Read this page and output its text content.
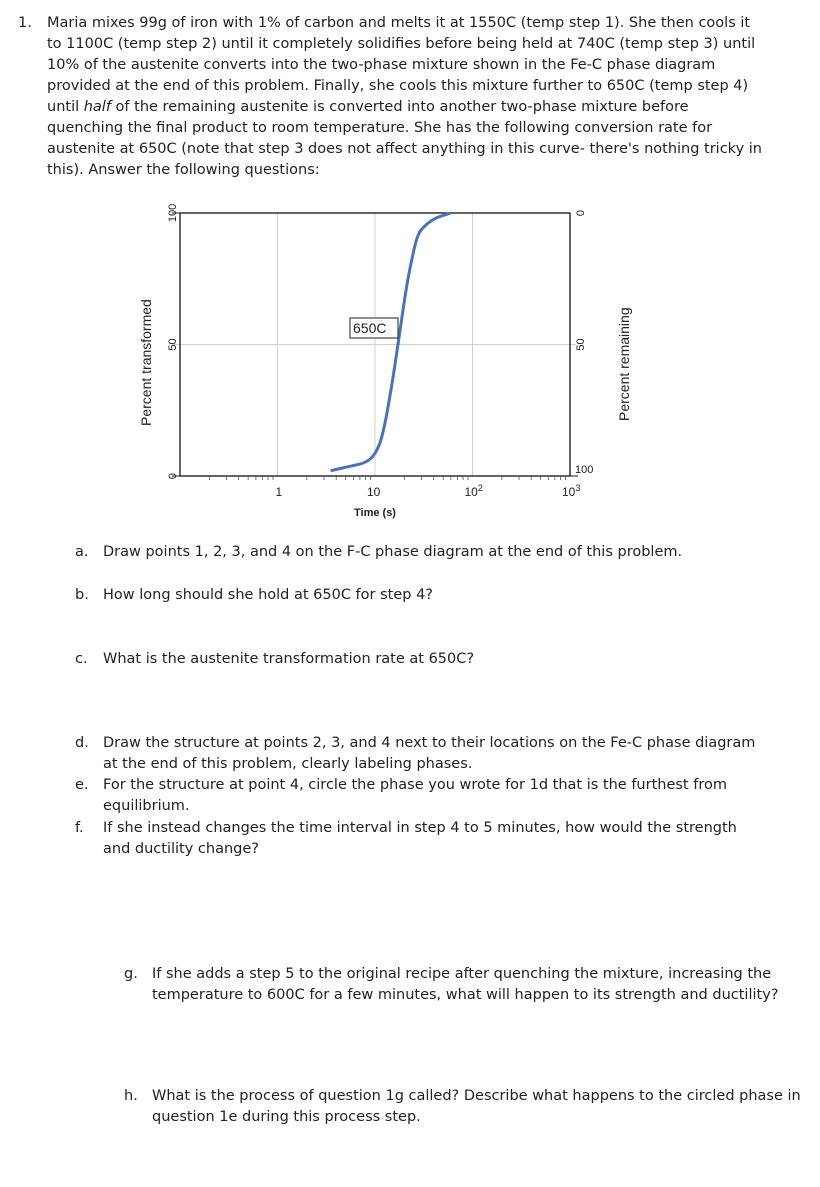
1. Maria mixes 99g of iron with 1% of carbon and melts it at 1550C (temp step 1). She then cools it
to 1100C (temp step 2) until it completely solidifies before being held at 740C (temp step 3) until
10% of the austenite converts into the two-phase mixture shown in the Fe-C phase diagram
provided at the end of this problem. Finally, she cools this mixture further to 650C (temp step 4)
until half of the remaining austenite is converted into another two-phase mixture before
quenching the final product to room temperature. She has the following conversion rate for
austenite at 650C (note that step 3 does not affect anything in this curve- there's nothing tricky in
this). Answer the following questions:
1	10	$10^2$	$10^3$
0
50
100
100
50
0
650C
Time (s)
Percent transformed	Percent remaining
a. Draw points 1, 2, 3, and 4 on the F-C phase diagram at the end of this problem.
b. How long should she hold at 650C for step 4?
c. What is the austenite transformation rate at 650C?
d. Draw the structure at points 2, 3, and 4 next to their locations on the Fe-C phase diagram
at the end of this problem, clearly labeling phases.
e. For the structure at point 4, circle the phase you wrote for 1d that is the furthest from
equilibrium.
f. If she instead changes the time interval in step 4 to 5 minutes, how would the strength
and ductility change?
g. If she adds a step 5 to the original recipe after quenching the mixture, increasing the
temperature to 600C for a few minutes, what will happen to its strength and ductility?
h. What is the process of question 1g called? Describe what happens to the circled phase in
question 1e during this process step.
